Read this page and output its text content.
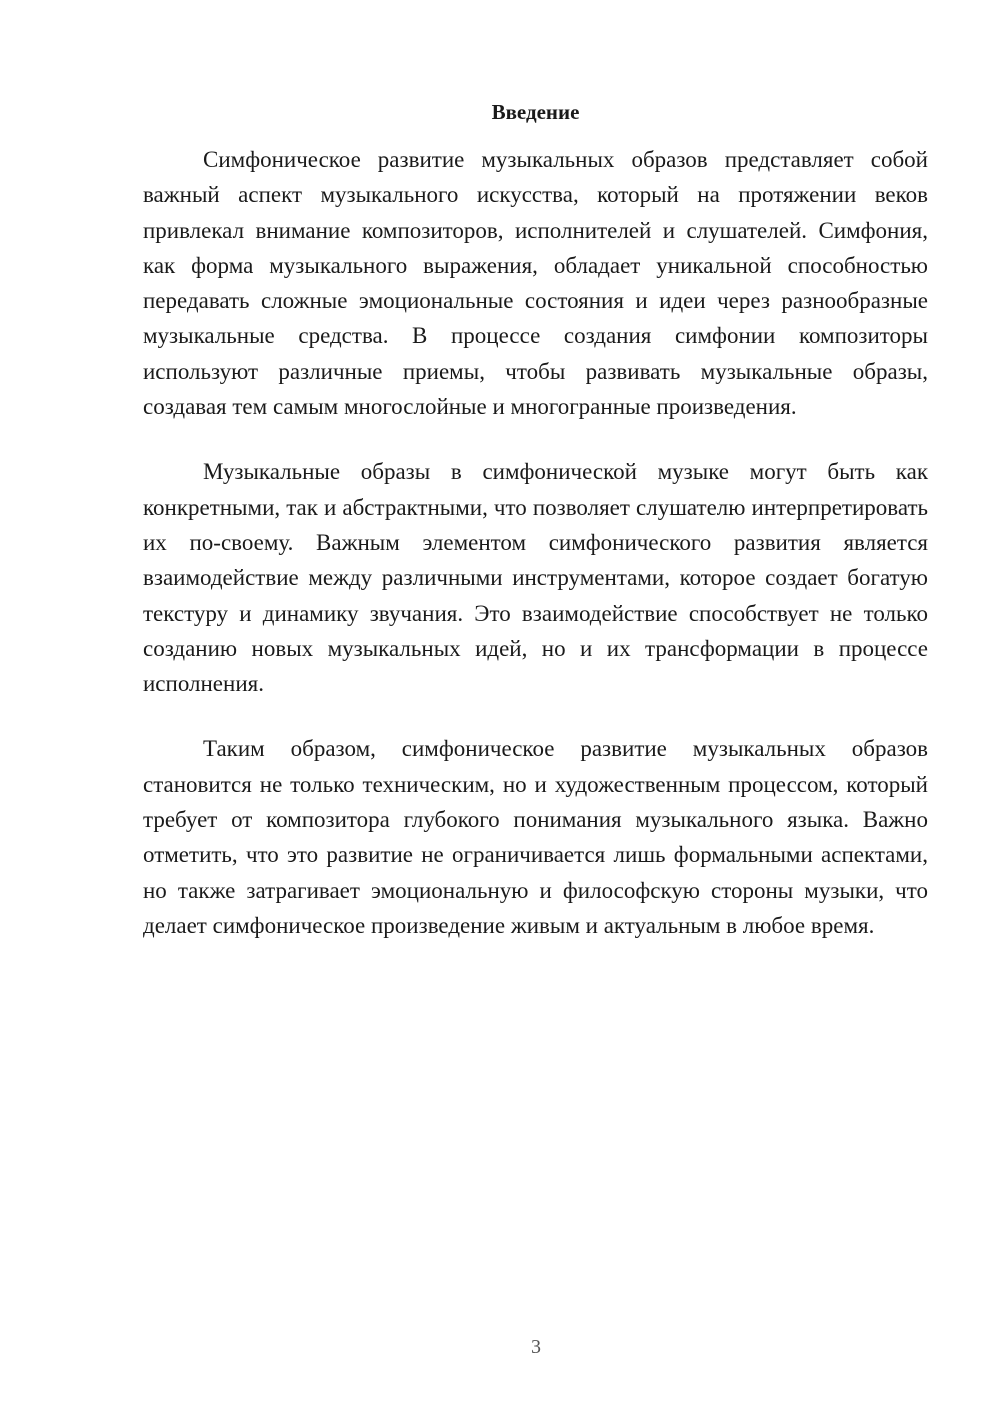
Введение

Симфоническое развитие музыкальных образов представляет собой важный аспект музыкального искусства, который на протяжении веков привлекал внимание композиторов, исполнителей и слушателей. Симфония, как форма музыкального выражения, обладает уникальной способностью передавать сложные эмоциональные состояния и идеи через разнообразные музыкальные средства. В процессе создания симфонии композиторы используют различные приемы, чтобы развивать музыкальные образы, создавая тем самым многослойные и многогранные произведения.

Музыкальные образы в симфонической музыке могут быть как конкретными, так и абстрактными, что позволяет слушателю интерпретировать их по-своему. Важным элементом симфонического развития является взаимодействие между различными инструментами, которое создает богатую текстуру и динамику звучания. Это взаимодействие способствует не только созданию новых музыкальных идей, но и их трансформации в процессе исполнения.

Таким образом, симфоническое развитие музыкальных образов становится не только техническим, но и художественным процессом, который требует от композитора глубокого понимания музыкального языка. Важно отметить, что это развитие не ограничивается лишь формальными аспектами, но также затрагивает эмоциональную и философскую стороны музыки, что делает симфоническое произведение живым и актуальным в любое время.

3
